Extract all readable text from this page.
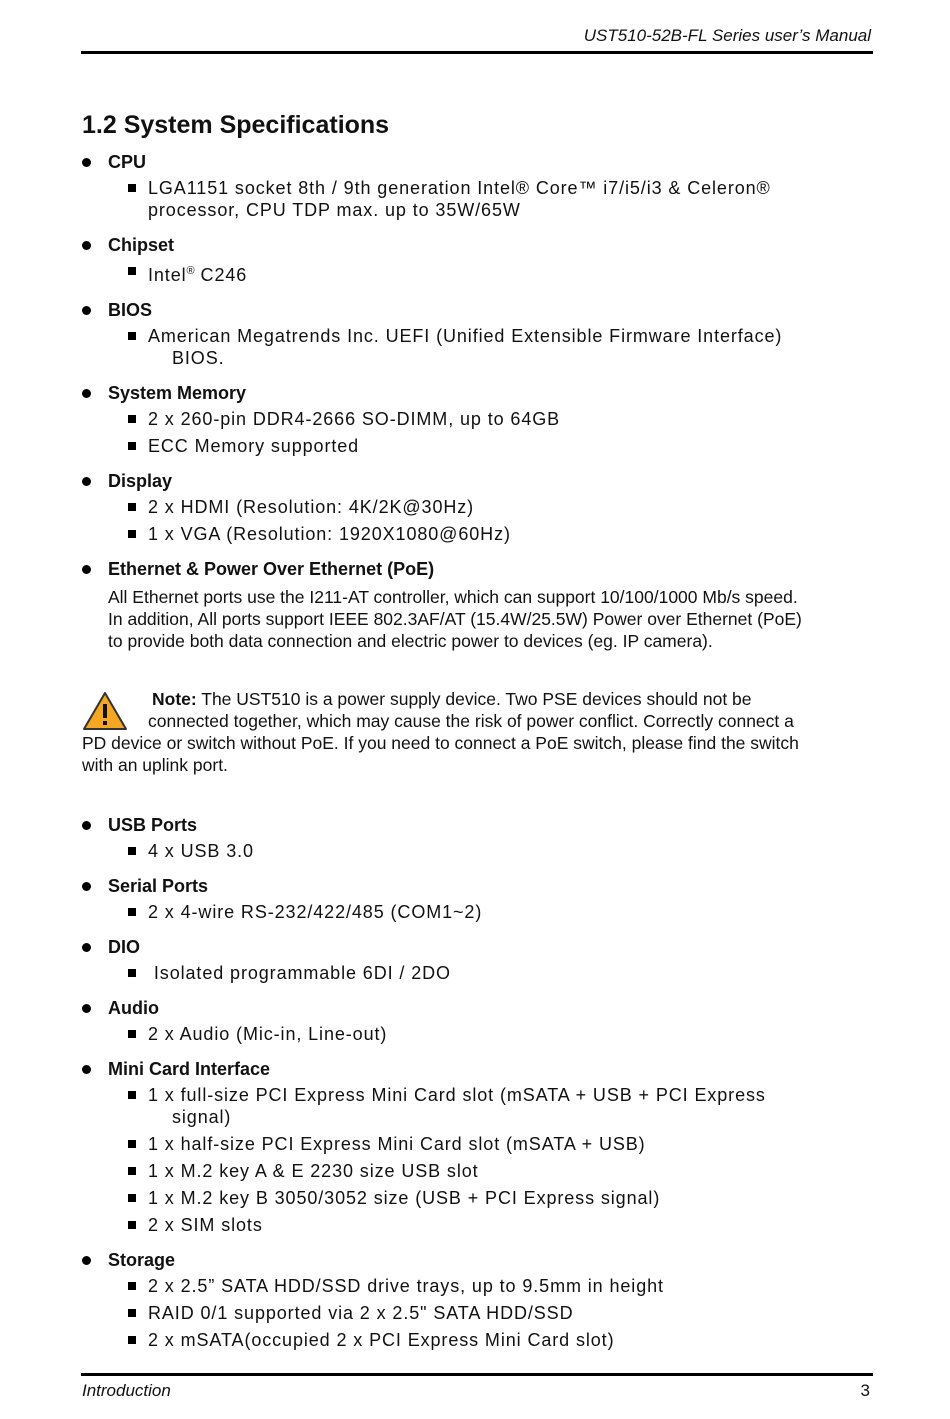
UST510-52B-FL Series user’s Manual
1.2 System Specifications
CPU
LGA1151 socket 8th / 9th generation Intel® Core™ i7/i5/i3 & Celeron®
processor, CPU TDP max. up to 35W/65W
Chipset
Intel® C246
BIOS
American Megatrends Inc. UEFI (Unified Extensible Firmware Interface)
BIOS.
System Memory
2 x 260-pin DDR4-2666 SO-DIMM, up to 64GB
ECC Memory supported
Display
2 x HDMI (Resolution: 4K/2K@30Hz)
1 x VGA (Resolution: 1920X1080@60Hz)
Ethernet & Power Over Ethernet (PoE)
All Ethernet ports use the I211-AT controller, which can support 10/100/1000 Mb/s speed.
In addition, All ports support IEEE 802.3AF/AT (15.4W/25.5W) Power over Ethernet (PoE)
to provide both data connection and electric power to devices (eg. IP camera).
Note: The UST510 is a power supply device. Two PSE devices should not be
connected together, which may cause the risk of power conflict. Correctly connect a
PD device or switch without PoE. If you need to connect a PoE switch, please find the switch
with an uplink port.
USB Ports
4 x USB 3.0
Serial Ports
2 x 4-wire RS-232/422/485 (COM1~2)
DIO
Isolated programmable 6DI / 2DO
Audio
2 x Audio (Mic-in, Line-out)
Mini Card Interface
1 x full-size PCI Express Mini Card slot (mSATA + USB + PCI Express
signal)
1 x half-size PCI Express Mini Card slot (mSATA + USB)
1 x M.2 key A & E 2230 size USB slot
1 x M.2 key B 3050/3052 size (USB + PCI Express signal)
2 x SIM slots
Storage
2 x 2.5” SATA HDD/SSD drive trays, up to 9.5mm in height
RAID 0/1 supported via 2 x 2.5" SATA HDD/SSD
2 x mSATA(occupied 2 x PCI Express Mini Card slot)
Introduction	3
